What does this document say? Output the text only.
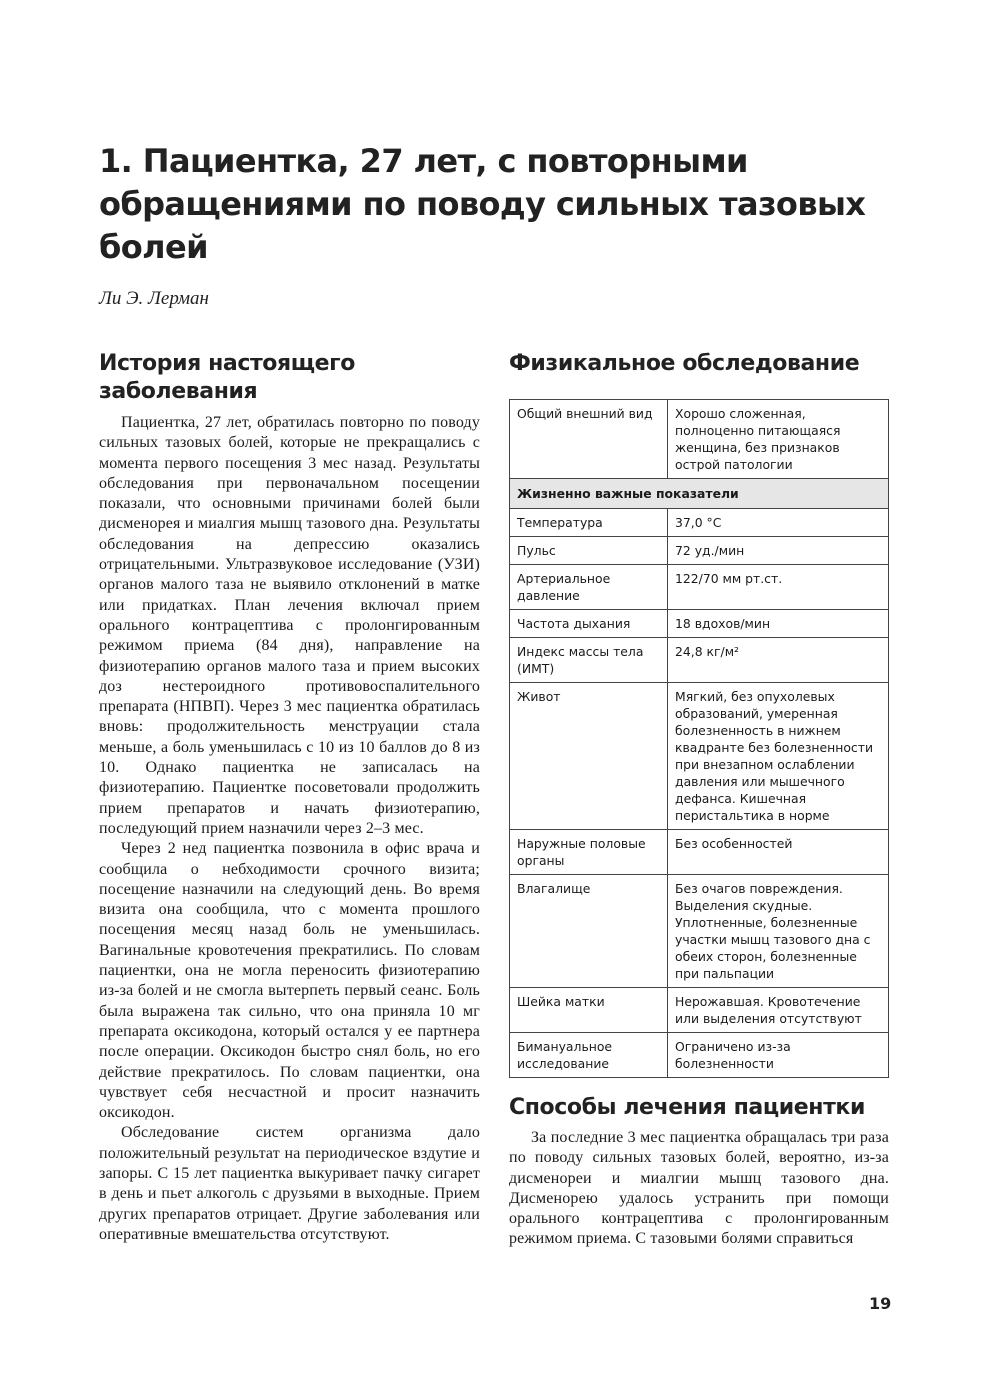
1. Пациентка, 27 лет, с повторными обращениями по поводу сильных тазовых болей
Ли Э. Лерман
История настоящего заболевания

Пациентка, 27 лет, обратилась повторно по поводу сильных тазовых болей, которые не прекращались с момента первого посещения 3 мес назад. Результаты обследования при первоначальном посещении показали, что основными причинами болей были дисменорея и миалгия мышц тазового дна. Результаты обследования на депрессию оказались отрицательными. Ультразвуковое исследование (УЗИ) органов малого таза не выявило отклонений в матке или придатках. План лечения включал прием орального контрацептива с пролонгированным режимом приема (84 дня), направление на физиотерапию органов малого таза и прием высоких доз нестероидного противовоспалительного препарата (НПВП). Через 3 мес пациентка обратилась вновь: продолжительность менструации стала меньше, а боль уменьшилась с 10 из 10 баллов до 8 из 10. Однако пациентка не записалась на физиотерапию. Пациентке посоветовали продолжить прием препаратов и начать физиотерапию, последующий прием назначили через 2–3 мес.

Через 2 нед пациентка позвонила в офис врача и сообщила о небходимости срочного визита; посещение назначили на следующий день. Во время визита она сообщила, что с момента прошлого посещения месяц назад боль не уменьшилась. Вагинальные кровотечения прекратились. По словам пациентки, она не могла переносить физиотерапию из-за болей и не смогла вытерпеть первый сеанс. Боль была выражена так сильно, что она приняла 10 мг препарата оксикодона, который остался у ее партнера после операции. Оксикодон быстро снял боль, но его действие прекратилось. По словам пациентки, она чувствует себя несчастной и просит назначить оксикодон.

Обследование систем организма дало положительный результат на периодическое вздутие и запоры. С 15 лет пациентка выкуривает пачку сигарет в день и пьет алкоголь с друзьями в выходные. Прием других препаратов отрицает. Другие заболевания или оперативные вмешательства отсутствуют.

Физикальное обследование
Общий внешний вид	Хорошо сложенная, полноценно питающаяся женщина, без признаков острой патологии
Жизненно важные показатели	
Температура	37,0 °С
Пульс	72 уд./мин
Артериальное давление	122/70 мм рт.ст.
Частота дыхания	18 вдохов/мин
Индекс массы тела (ИМТ)	24,8 кг/м²
Живот	Мягкий, без опухолевых образований, умеренная болезненность в нижнем квадранте без болезненности при внезапном ослаблении давления или мышечного дефанса. Кишечная перистальтика в норме
Наружные половые органы	Без особенностей
Влагалище	Без очагов повреждения. Выделения скудные. Уплотненные, болезненные участки мышц тазового дна с обеих сторон, болезненные при пальпации
Шейка матки	Нерожавшая. Кровотечение или выделения отсутствуют
Бимануальное исследование	Ограничено из-за болезненности
Способы лечения пациентки

За последние 3 мес пациентка обращалась три раза по поводу сильных тазовых болей, вероятно, из-за дисменореи и миалгии мышц тазового дна. Дисменорею удалось устранить при помощи орального контрацептива с пролонгированным режимом приема. С тазовыми болями справиться

19
